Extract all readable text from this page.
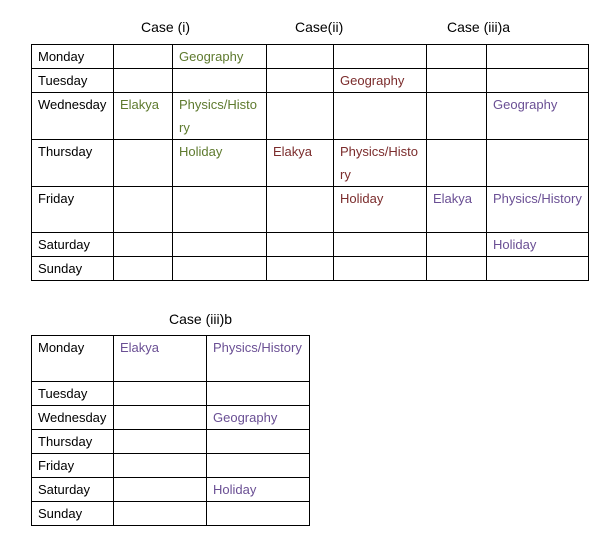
Case (i)	Case(ii)	Case (iii)a
Monday		Geography				
Tuesday				Geography		
Wednesday	Elakya	Physics/History				Geography
Thursday		Holiday	Elakya	Physics/History		
Friday				Holiday	Elakya	Physics/History
Saturday						Holiday
Sunday						
Case (iii)b
Monday	Elakya	Physics/History
Tuesday		
Wednesday		Geography
Thursday		
Friday		
Saturday		Holiday
Sunday		
